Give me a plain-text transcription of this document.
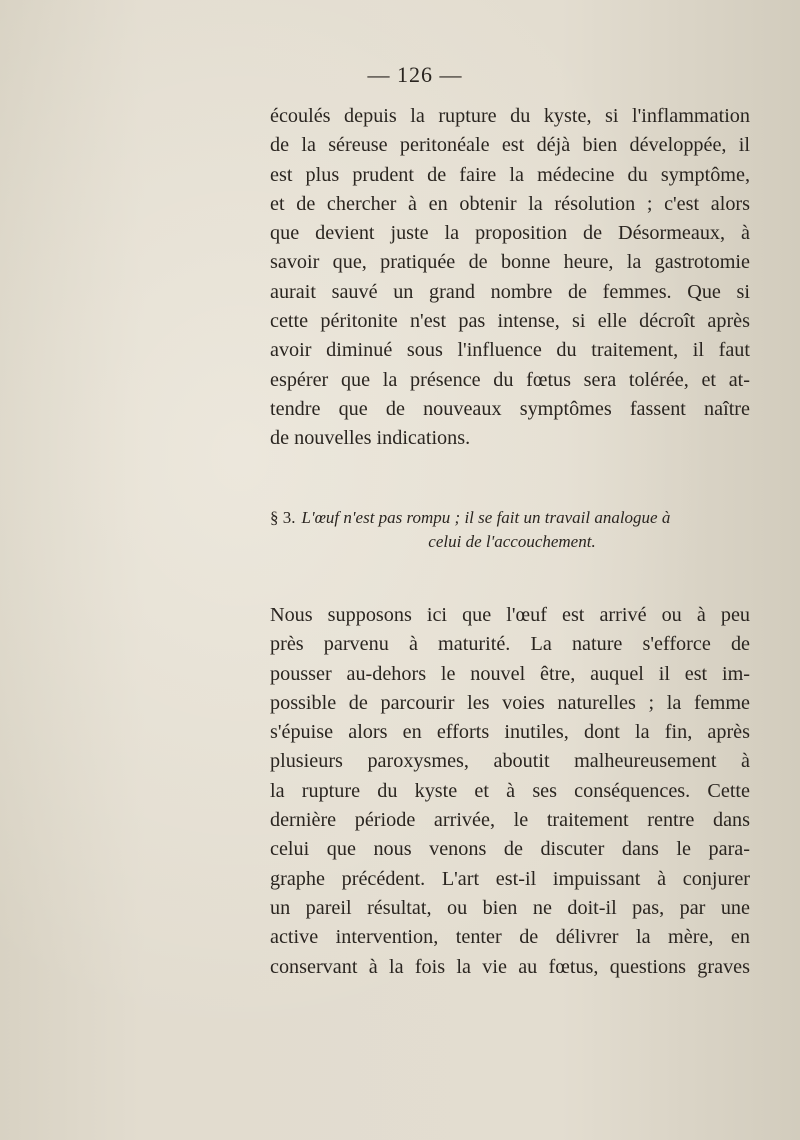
— 126 —
écoulés depuis la rupture du kyste, si l'inflammation
de la séreuse peritonéale est déjà bien développée, il
est plus prudent de faire la médecine du symptôme,
et de chercher à en obtenir la résolution ; c'est alors
que devient juste la proposition de Désormeaux, à
savoir que, pratiquée de bonne heure, la gastrotomie
aurait sauvé un grand nombre de femmes. Que si
cette péritonite n'est pas intense, si elle décroît après
avoir diminué sous l'influence du traitement, il faut
espérer que la présence du fœtus sera tolérée, et at-
tendre que de nouveaux symptômes fassent naître
de nouvelles indications.
§ 3. L'œuf n'est pas rompu ; il se fait un travail analogue à
celui de l'accouchement.
Nous supposons ici que l'œuf est arrivé ou à peu
près parvenu à maturité. La nature s'efforce de
pousser au-dehors le nouvel être, auquel il est im-
possible de parcourir les voies naturelles ; la femme
s'épuise alors en efforts inutiles, dont la fin, après
plusieurs paroxysmes, aboutit malheureusement à
la rupture du kyste et à ses conséquences. Cette
dernière période arrivée, le traitement rentre dans
celui que nous venons de discuter dans le para-
graphe précédent. L'art est-il impuissant à conjurer
un pareil résultat, ou bien ne doit-il pas, par une
active intervention, tenter de délivrer la mère, en
conservant à la fois la vie au fœtus, questions graves
